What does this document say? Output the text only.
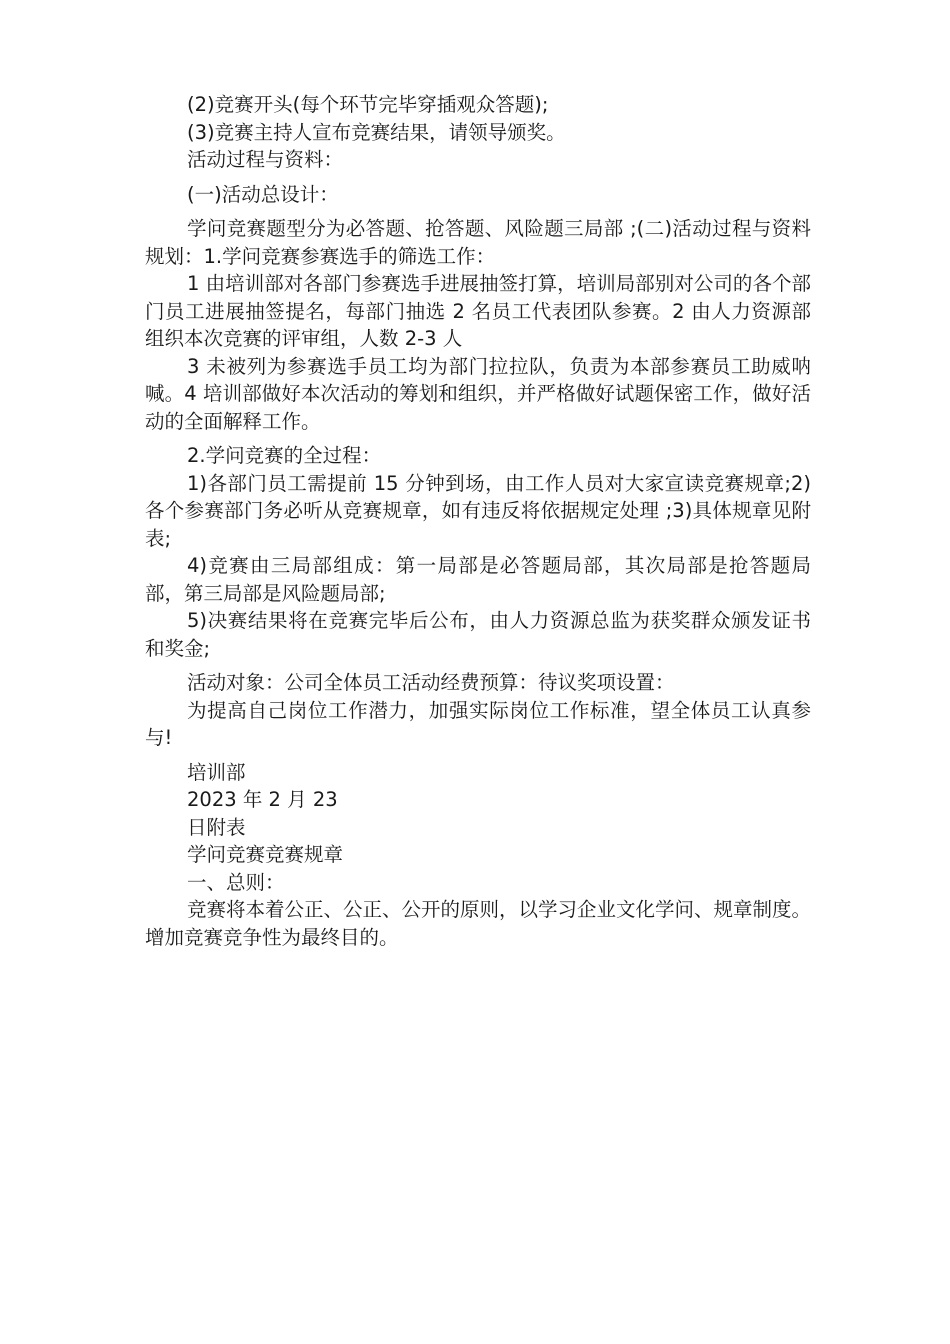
(2)竞赛开头(每个环节完毕穿插观众答题);

(3)竞赛主持人宣布竞赛结果，请领导颁奖。

活动过程与资料：

(一)活动总设计：

学问竞赛题型分为必答题、抢答题、风险题三局部 ;(二)活动过程与资料规划：1.学问竞赛参赛选手的筛选工作：

1 由培训部对各部门参赛选手进展抽签打算，培训局部别对公司的各个部门员工进展抽签提名，每部门抽选 2 名员工代表团队参赛。2 由人力资源部组织本次竞赛的评审组，人数 2-3 人

3 未被列为参赛选手员工均为部门拉拉队，负责为本部参赛员工助威呐喊。4 培训部做好本次活动的筹划和组织，并严格做好试题保密工作，做好活动的全面解释工作。

2.学问竞赛的全过程：

1)各部门员工需提前 15 分钟到场，由工作人员对大家宣读竞赛规章;2)各个参赛部门务必听从竞赛规章，如有违反将依据规定处理 ;3)具体规章见附表;

4)竞赛由三局部组成：第一局部是必答题局部，其次局部是抢答题局部，第三局部是风险题局部;

5)决赛结果将在竞赛完毕后公布，由人力资源总监为获奖群众颁发证书和奖金;

活动对象：公司全体员工活动经费预算：待议奖项设置：

为提高自己岗位工作潜力，加强实际岗位工作标准，望全体员工认真参与!

培训部

2023 年 2 月 23

日附表

学问竞赛竞赛规章

一、总则：

竞赛将本着公正、公正、公开的原则，以学习企业文化学问、规章制度。增加竞赛竞争性为最终目的。
